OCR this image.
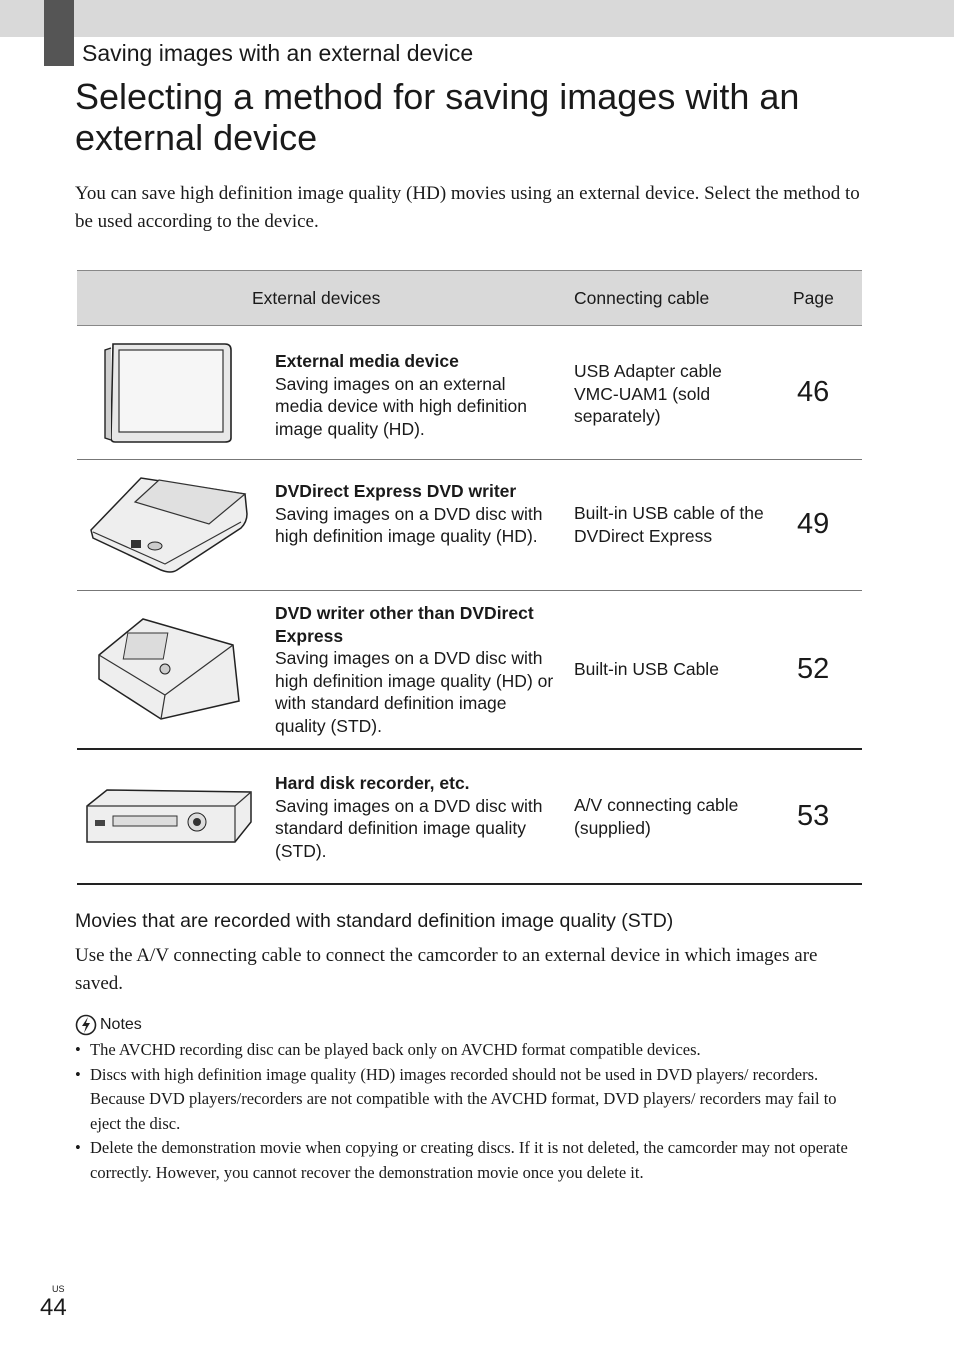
Saving images with an external device
Selecting a method for saving images with an external device

You can save high definition image quality (HD) movies using an external device. Select the method to be used according to the device.

External devices	Connecting cable	Page
External media device
Saving images on an external media device with high definition image quality (HD).
USB Adapter cable VMC-UAM1 (sold separately)
46
DVDirect Express DVD writer
Saving images on a DVD disc with high definition image quality (HD).
Built-in USB cable of the DVDirect Express	49
DVD writer other than DVDirect Express
Saving images on a DVD disc with high definition image quality (HD) or with standard definition image quality (STD).
Built-in USB Cable	52
Hard disk recorder, etc.
Saving images on a DVD disc with standard definition image quality (STD).
A/V connecting cable (supplied)	53
Movies that are recorded with standard definition image quality (STD)

Use the A/V connecting cable to connect the camcorder to an external device in which images are saved.

Notes
• The AVCHD recording disc can be played back only on AVCHD format compatible devices.
• Discs with high definition image quality (HD) images recorded should not be used in DVD players/ recorders. Because DVD players/recorders are not compatible with the AVCHD format, DVD players/ recorders may fail to eject the disc.
• Delete the demonstration movie when copying or creating discs. If it is not deleted, the camcorder may not operate correctly. However, you cannot recover the demonstration movie once you delete it.
US
44
